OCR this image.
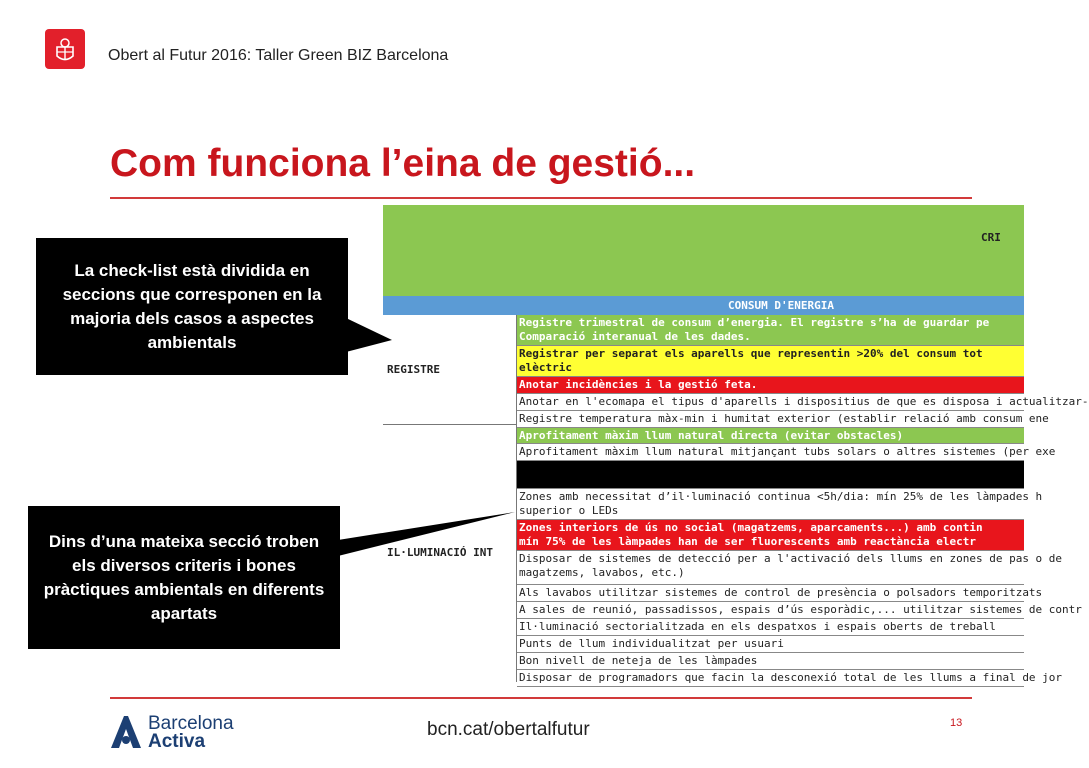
Obert al Futur 2016: Taller Green BIZ Barcelona
Com funciona l’eina de gestió...
CRI
CONSUM D'ENERGIA
REGISTRE
IL·LUMINACIÓ INT
Registre trimestral de consum d’energia. El registre s’ha de guardar pe
Comparació interanual de les dades.
Registrar per separat els aparells que representin >20% del consum tot
elèctric
Anotar incidències i la gestió feta.
Anotar en l'ecomapa el tipus d'aparells i dispositius de que es disposa i actualitzar-
Registre temperatura màx-min i humitat exterior (establir relació amb consum ene
Aprofitament màxim llum natural directa (evitar obstacles)
Aprofitament màxim llum natural mitjançant tubs solars o altres sistemes (per exe
Zones amb necessitat d’il·luminació continua <5h/dia: mín 25% de les làmpades h
superior o LEDs
Zones interiors de ús no social (magatzems, aparcaments...) amb contin
mín 75% de les làmpades han de ser fluorescents amb reactància electr
Disposar de sistemes de detecció per a l'activació dels llums en zones de pas o de
magatzems, lavabos, etc.)
Als lavabos utilitzar sistemes de control de presència o polsadors temporitzats
A sales de reunió, passadissos, espais d’ús esporàdic,... utilitzar sistemes de contr
Il·luminació sectorialitzada en els despatxos i espais oberts de treball
Punts de llum individualitzat per usuari
Bon nivell de neteja de les làmpades
Disposar de programadors que facin la desconexió total de les llums a final de jor
La check-list està dividida en seccions que corresponen en la majoria dels casos a aspectes ambientals
Dins d’una mateixa secció troben els diversos criteris i bones pràctiques ambientals en diferents apartats
Barcelona
Activa
bcn.cat/obertalfutur	13
